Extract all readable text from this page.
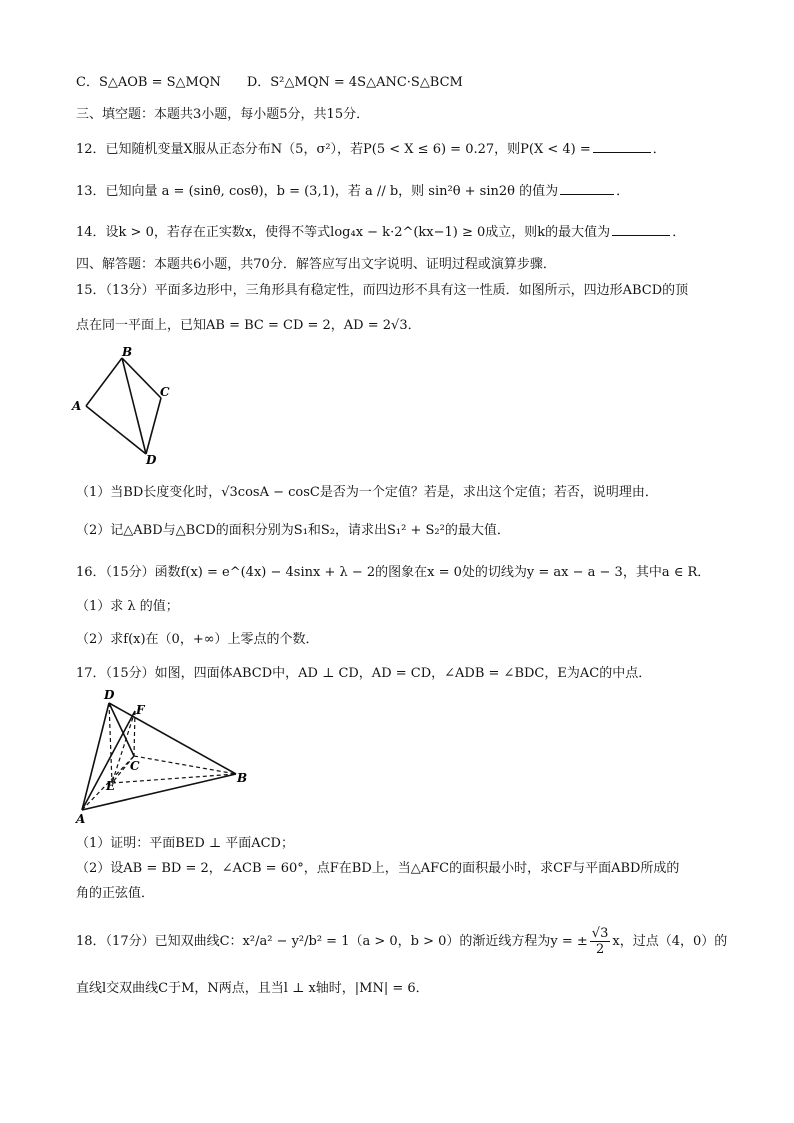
C．S△AOB = S△MQN　　D．S²△MQN = 4S△ANC·S△BCM
三、填空题：本题共3小题，每小题5分，共15分．
12．已知随机变量X服从正态分布N（5，σ²），若P(5 < X ≤ 6) = 0.27，则P(X < 4) =	．
13．已知向量 a = (sinθ, cosθ)，b = (3,1)，若 a // b，则 sin²θ + sin2θ 的值为	．
14．设k > 0，若存在正实数x，使得不等式log₄x − k·2^(kx−1) ≥ 0成立，则k的最大值为	．
四、解答题：本题共6小题，共70分．解答应写出文字说明、证明过程或演算步骤．
15．（13分）平面多边形中，三角形具有稳定性，而四边形不具有这一性质．如图所示，四边形ABCD的顶
点在同一平面上，已知AB = BC = CD = 2，AD = 2√3．
A
B
C
D
（1）当BD长度变化时，√3cosA − cosC是否为一个定值？若是，求出这个定值；若否，说明理由．
（2）记△ABD与△BCD的面积分别为S₁和S₂，请求出S₁² + S₂²的最大值．
16．（15分）函数f(x) = e^(4x) − 4sinx + λ − 2的图象在x = 0处的切线为y = ax − a − 3，其中a ∈ R．
（1）求 λ 的值；
（2）求f(x)在（0，+∞）上零点的个数．
17．（15分）如图，四面体ABCD中，AD ⊥ CD，AD = CD，∠ADB = ∠BDC，E为AC的中点．
D
F
C
E
B
A
（1）证明：平面BED ⊥ 平面ACD；
（2）设AB = BD = 2，∠ACB = 60°，点F在BD上，当△AFC的面积最小时，求CF与平面ABD所成的
角的正弦值．
18．（17分）已知双曲线C：x²/a² − y²/b² = 1（a > 0，b > 0）的渐近线方程为y = ± $\frac{√3}{2}$ x，过点（4，0）的
直线l交双曲线C于M，N两点，且当l ⊥ x轴时，|MN| = 6．
